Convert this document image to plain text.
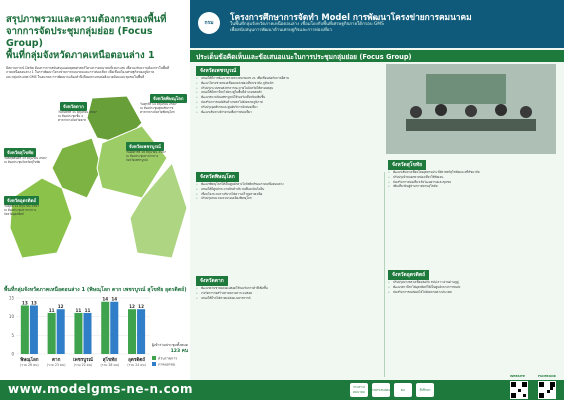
สรุปภาพรวมและความต้องการของพื้นที่
จากการจัดประชุมกลุ่มย่อย (Focus Group)
พื้นที่กลุ่มจังหวัดภาคเหนือตอนล่าง 1
มีสถานการณ์ Delta ต้องการการสนับสนุนแผนยุทธศาสตร์โครงการคมนาคมที่เหมาะสม เพื่อรองรับความต้องการในพื้นที่
ภาคเหนือตอนล่าง 1 ในการพัฒนาโครงข่ายการคมนาคมและการท่องเที่ยว เพื่อเชื่อมโยงเศรษฐกิจของภูมิภาค
และกลุ่มประเทศ GMS ในอนาคต การพัฒนาจะต้องคำนึงถึงผลกระทบต่อสิ่งแวดล้อมและชุมชนในพื้นที่
จังหวัดตาก
วันจันทร์ที่ 11 มิถุนายน 2567
ณ ห้องประชุมชั้น 4
ศาลากลางจังหวัดตาก
จังหวัดสุโขทัย
วันพฤหัสบดีที่ 13 มิถุนายน 2567
ณ ห้องประชุมจังหวัดสุโขทัย
จังหวัดพิษณุโลก
วันศุกร์ที่ 14 มิถุนายน 2567
ณ ห้องประชุมพุทธชินราช
ศาลากลางจังหวัดพิษณุโลก
จังหวัดอุตรดิตถ์
วันพุธที่ 12 มิถุนายน 2567
ณ ห้องประชุมศาลากลาง
จังหวัดอุตรดิตถ์
จังหวัดเพชรบูรณ์
วันอังคารที่ 18 มิถุนายน 2567
ณ ห้องประชุมศาลากลาง
จังหวัดเพชรบูรณ์
พื้นที่กลุ่มจังหวัดภาคเหนือตอนล่าง 1 (พิษณุโลก ตาก เพชรบูรณ์ สุโขทัย อุตรดิตถ์)
0
5
10
15
13 13
พิษณุโลก
(รวม 26 คน)
11
12
ตาก
(รวม 23 คน)
11 11
เพชรบูรณ์
(รวม 22 คน)
14 14
สุโขทัย
(รวม 28 คน)
12 12
อุตรดิตถ์
(รวม 24 คน)
ผู้เข้าร่วมประชุมทั้งหมด
123 คน
ส่วนราชการ
ภาคเอกชน
กรม
โครงการศึกษาการจัดทำ Model การพัฒนาโครงข่ายการคมนาคม
ในพื้นที่กลุ่มจังหวัดภาคเหนือตอนล่าง เชื่อมโยงกับพื้นที่เศรษฐกิจภายใต้กรอบ GMS
เพื่อสนับสนุนการพัฒนาด้านเศรษฐกิจและการท่องเที่ยว
ประเด็นข้อคิดเห็นและข้อเสนอแนะในการประชุมกลุ่มย่อย (Focus Group)
จังหวัดเพชรบูรณ์
• เสนอให้มีการพัฒนาทางหลวงหมายเลข 21 เพื่อเชื่อมต่อกับภาคอีสาน
• พัฒนาโครงข่ายถนนเชื่อมแหล่งท่องเที่ยวเขาค้อ ภูทับเบิก
• ปรับปรุงระบบขนส่งสาธารณะภายในจังหวัดให้ครอบคลุม
• เสนอให้มีสถานีรถไฟทางคู่ในพื้นที่อำเภอหล่มสัก
• พัฒนาสนามบินเพชรบูรณ์ให้รองรับเที่ยวบินเพิ่มขึ้น
• ส่งเสริมการขนส่งสินค้าเกษตรไปยังตลาดภูมิภาค
• ปรับปรุงจุดพักรถและศูนย์บริการนักท่องเที่ยว
• พัฒนาเส้นทางจักรยานเพื่อการท่องเที่ยว
จังหวัดพิษณุโลก
• พัฒนาพิษณุโลกให้เป็นศูนย์กลางโลจิสติกส์ของภาคเหนือตอนล่าง
• เสนอให้มีศูนย์กระจายสินค้าบริเวณสี่แยกอินโดจีน
• เชื่อมโยงระบบรางกับรถไฟความเร็วสูงสายเหนือ
• ปรับปรุงถนนวงแหวนรอบเมืองพิษณุโลก
จังหวัดตาก
• พัฒนาด่านชายแดนแม่สอดให้รองรับการค้าที่เพิ่มขึ้น
• เร่งรัดการก่อสร้างทางหลวงตาก-แม่สอด
• เสนอให้มีรถไฟสายแม่สอด-นครสวรรค์
จังหวัดสุโขทัย
• พัฒนาเส้นทางเชื่อมโยงอุทยานประวัติศาสตร์สุโขทัยและศรีสัชนาลัย
• ปรับปรุงป้ายบอกทางท่องเที่ยวให้ชัดเจน
• ส่งเสริมการท่องเที่ยวเชิงวัฒนธรรมและชุมชน
• เพิ่มเที่ยวบินสู่ท่าอากาศยานสุโขทัย
จังหวัดอุตรดิตถ์
• ปรับปรุงทางหลวงเชื่อมต่อกับ สปป.ลาว ผ่านด่านภูดู่
• พัฒนาสถานีรถไฟอุตรดิตถ์ให้เป็นศูนย์กลางการขนส่ง
• ส่งเสริมการขนส่งผลไม้ไปยังตลาดต่างประเทศ
www.modelgms-ne-n.com	กระทรวงคมนาคม	CHOTCHANDA	DC	ที่ปรึกษา
WEBSITE	FACEBOOK
